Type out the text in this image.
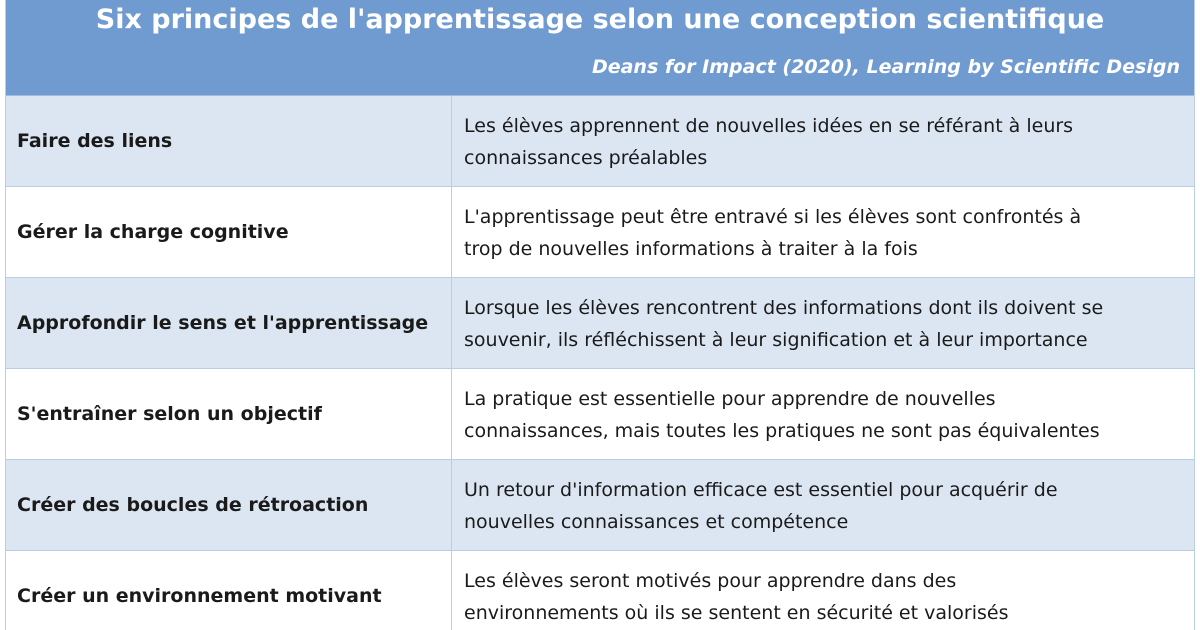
Six principes de l'apprentissage selon une conception scientifique
Deans for Impact (2020), Learning by Scientific Design
Faire des liens
Les élèves apprennent de nouvelles idées en se référant à leurs
connaissances préalables
Gérer la charge cognitive
L'apprentissage peut être entravé si les élèves sont confrontés à
trop de nouvelles informations à traiter à la fois
Approfondir le sens et l'apprentissage
Lorsque les élèves rencontrent des informations dont ils doivent se
souvenir, ils réfléchissent à leur signification et à leur importance
S'entraîner selon un objectif
La pratique est essentielle pour apprendre de nouvelles
connaissances, mais toutes les pratiques ne sont pas équivalentes
Créer des boucles de rétroaction
Un retour d'information efficace est essentiel pour acquérir de
nouvelles connaissances et compétence
Créer un environnement motivant
Les élèves seront motivés pour apprendre dans des
environnements où ils se sentent en sécurité et valorisés
